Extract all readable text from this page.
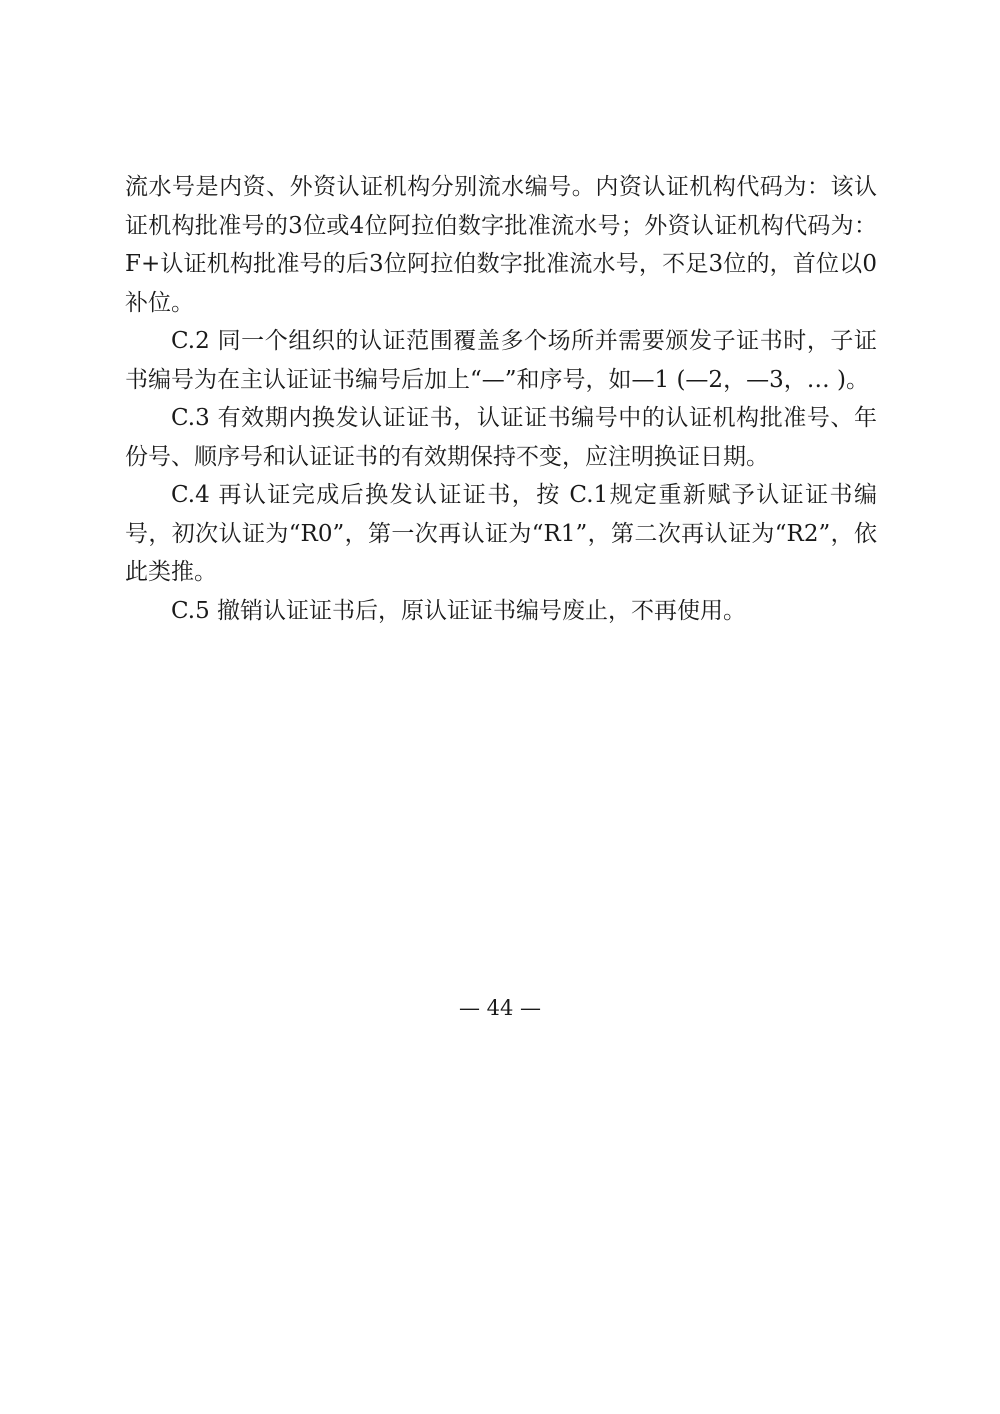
流水号是内资、外资认证机构分别流水编号。内资认证机构代码为：该认证机构批准号的3位或4位阿拉伯数字批准流水号；外资认证机构代码为：F+认证机构批准号的后3位阿拉伯数字批准流水号，不足3位的，首位以0补位。

C.2 同一个组织的认证范围覆盖多个场所并需要颁发子证书时，子证书编号为在主认证证书编号后加上“—”和序号，如—1 (—2，—3，… )。

C.3 有效期内换发认证证书，认证证书编号中的认证机构批准号、年份号、顺序号和认证证书的有效期保持不变，应注明换证日期。

C.4 再认证完成后换发认证证书，按 C.1规定重新赋予认证证书编号，初次认证为“R0”，第一次再认证为“R1”，第二次再认证为“R2”，依此类推。

C.5 撤销认证证书后，原认证证书编号废止，不再使用。

— 44 —
